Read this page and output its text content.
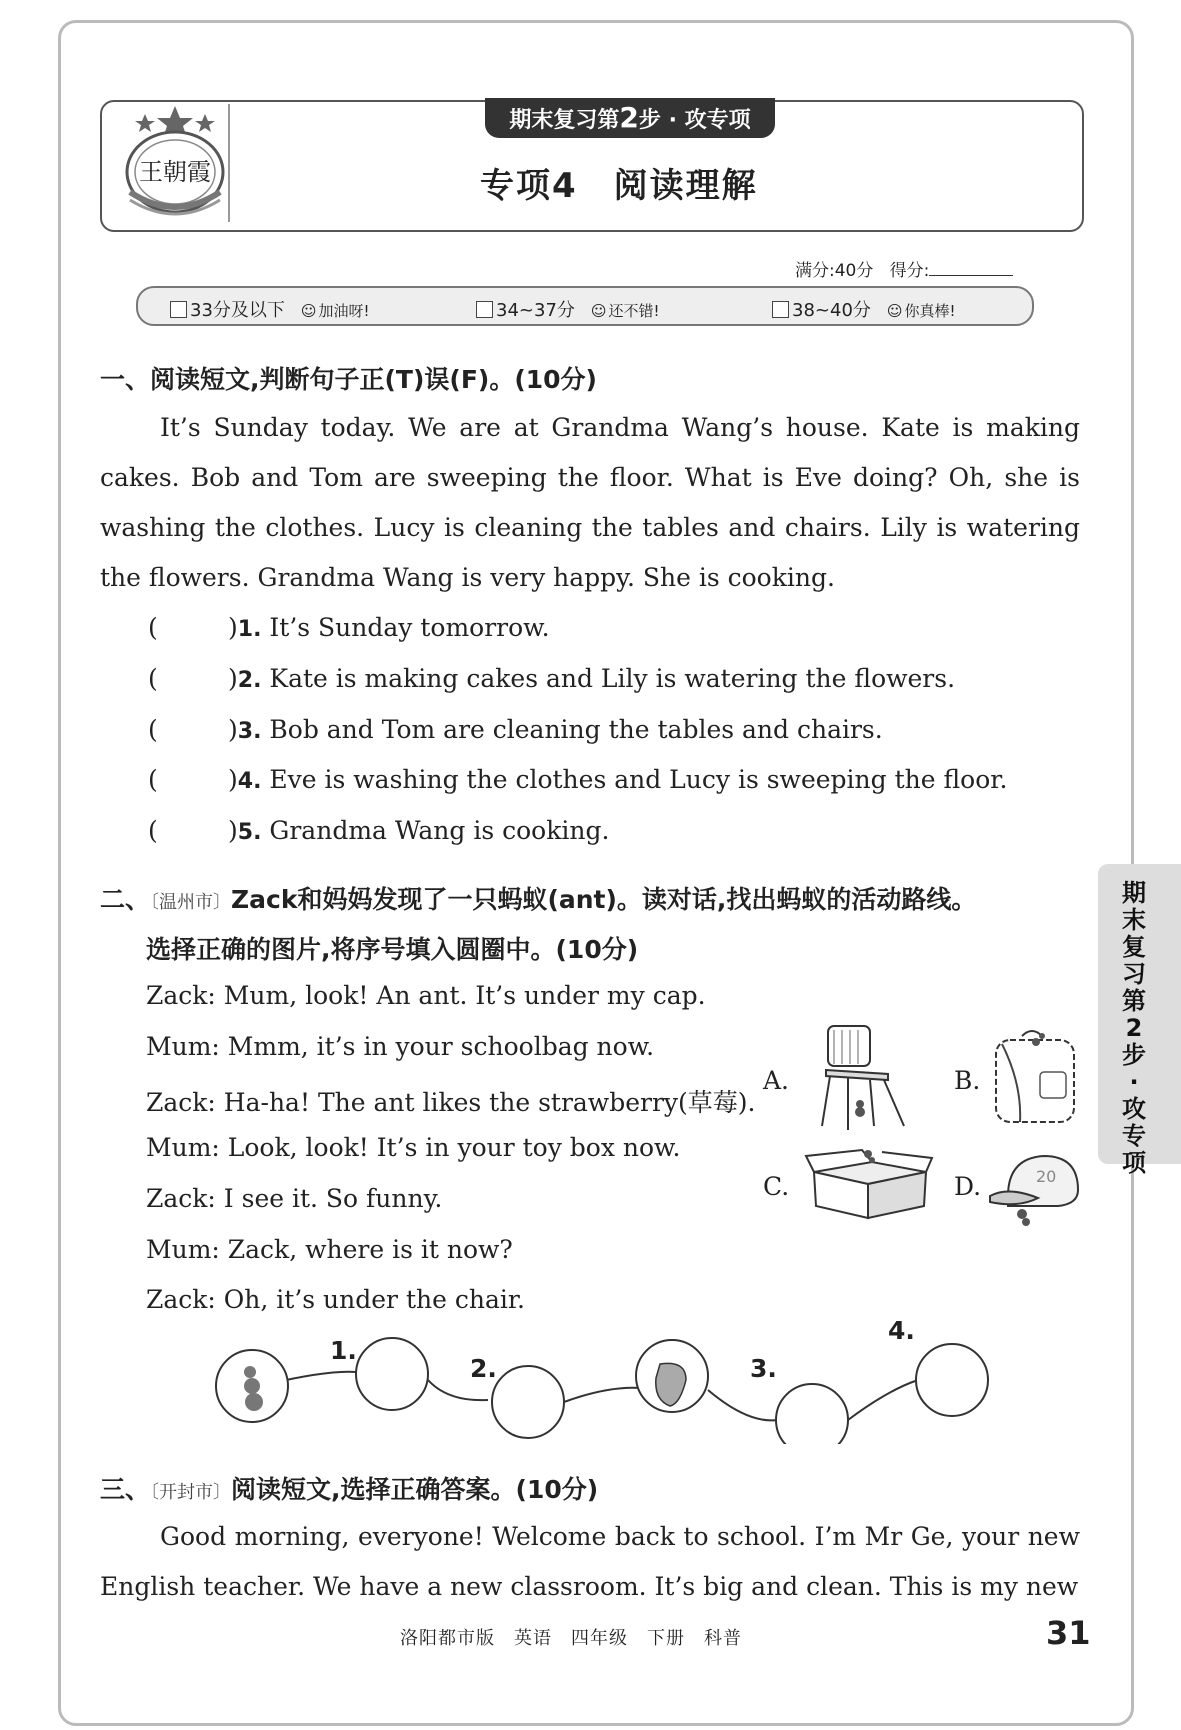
王朝霞
期末复习第2步 · 攻专项
专项4　阅读理解
满分:40分 得分:
33分及以下 ☺ 加油呀!	34~37分 ☺ 还不错!	38~40分 ☺ 你真棒!
一、阅读短文,判断句子正(T)误(F)。(10分)
It’s Sunday today. We are at Grandma Wang’s house. Kate is making cakes. Bob and Tom are sweeping the floor. What is Eve doing? Oh, she is washing the clothes. Lucy is cleaning the tables and chairs. Lily is watering the flowers. Grandma Wang is very happy. She is cooking.
(	)1. It’s Sunday tomorrow.
(	)2. Kate is making cakes and Lily is watering the flowers.
(	)3. Bob and Tom are cleaning the tables and chairs.
(	)4. Eve is washing the clothes and Lucy is sweeping the floor.
(	)5. Grandma Wang is cooking.
二、〔温州市〕Zack和妈妈发现了一只蚂蚁(ant)。读对话,找出蚂蚁的活动路线。
选择正确的图片,将序号填入圆圈中。(10分)
Zack: Mum, look! An ant. It’s under my cap.
Mum: Mmm, it’s in your schoolbag now.
Zack: Ha-ha! The ant likes the strawberry(草莓).
Mum: Look, look! It’s in your toy box now.
Zack: I see it. So funny.
Mum: Zack, where is it now?
Zack: Oh, it’s under the chair.
A.	B.
C.	D.	20
1.
2.	3.
4.
三、〔开封市〕阅读短文,选择正确答案。(10分)
Good morning, everyone! Welcome back to school. I’m Mr Ge, your new English teacher. We have a new classroom. It’s big and clean. This is my new
期末复习第2步·攻专项
洛阳都市版　英语　四年级　下册　科普	31
